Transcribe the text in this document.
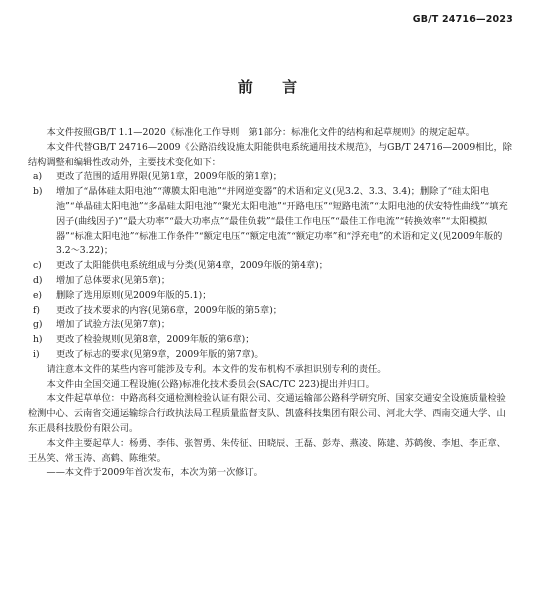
GB/T 24716—2023
前 言

本文件按照GB/T 1.1—2020《标准化工作导则　第1部分：标准化文件的结构和起草规则》的规定起草。

本文件代替GB/T 24716—2009《公路沿线设施太阳能供电系统通用技术规范》，与GB/T 24716—2009相比，除结构调整和编辑性改动外，主要技术变化如下：

a) 更改了范围的适用界限(见第1章，2009年版的第1章)；
b) 增加了“晶体硅太阳电池”“薄膜太阳电池”“并网逆变器”的术语和定义(见3.2、3.3、3.4)；删除了“硅太阳电池”“单晶硅太阳电池”“多晶硅太阳电池”“聚光太阳电池”“开路电压”“短路电流”“太阳电池的伏安特性曲线”“填充因子(曲线因子)”“最大功率”“最大功率点”“最佳负载”“最佳工作电压”“最佳工作电流”“转换效率”“太阳模拟器”“标准太阳电池”“标准工作条件”“额定电压”“额定电流”“额定功率”和“浮充电”的术语和定义(见2009年版的3.2～3.22)；
c) 更改了太阳能供电系统组成与分类(见第4章，2009年版的第4章)；
d) 增加了总体要求(见第5章)；
e) 删除了选用原则(见2009年版的5.1)；
f) 更改了技术要求的内容(见第6章，2009年版的第5章)；
g) 增加了试验方法(见第7章)；
h) 更改了检验规则(见第8章，2009年版的第6章)；
i) 更改了标志的要求(见第9章，2009年版的第7章)。

请注意本文件的某些内容可能涉及专利。本文件的发布机构不承担识别专利的责任。

本文件由全国交通工程设施(公路)标准化技术委员会(SAC/TC 223)提出并归口。

本文件起草单位：中路高科交通检测检验认证有限公司、交通运输部公路科学研究所、国家交通安全设施质量检验检测中心、云南省交通运输综合行政执法局工程质量监督支队、凯盛科技集团有限公司、河北大学、西南交通大学、山东正晨科技股份有限公司。

本文件主要起草人：杨勇、李伟、张智勇、朱传征、田晓辰、王磊、彭寿、燕凌、陈建、苏鹤俊、李旭、李正章、王丛笑、常玉涛、高鹤、陈维荣。

——本文件于2009年首次发布，本次为第一次修订。
